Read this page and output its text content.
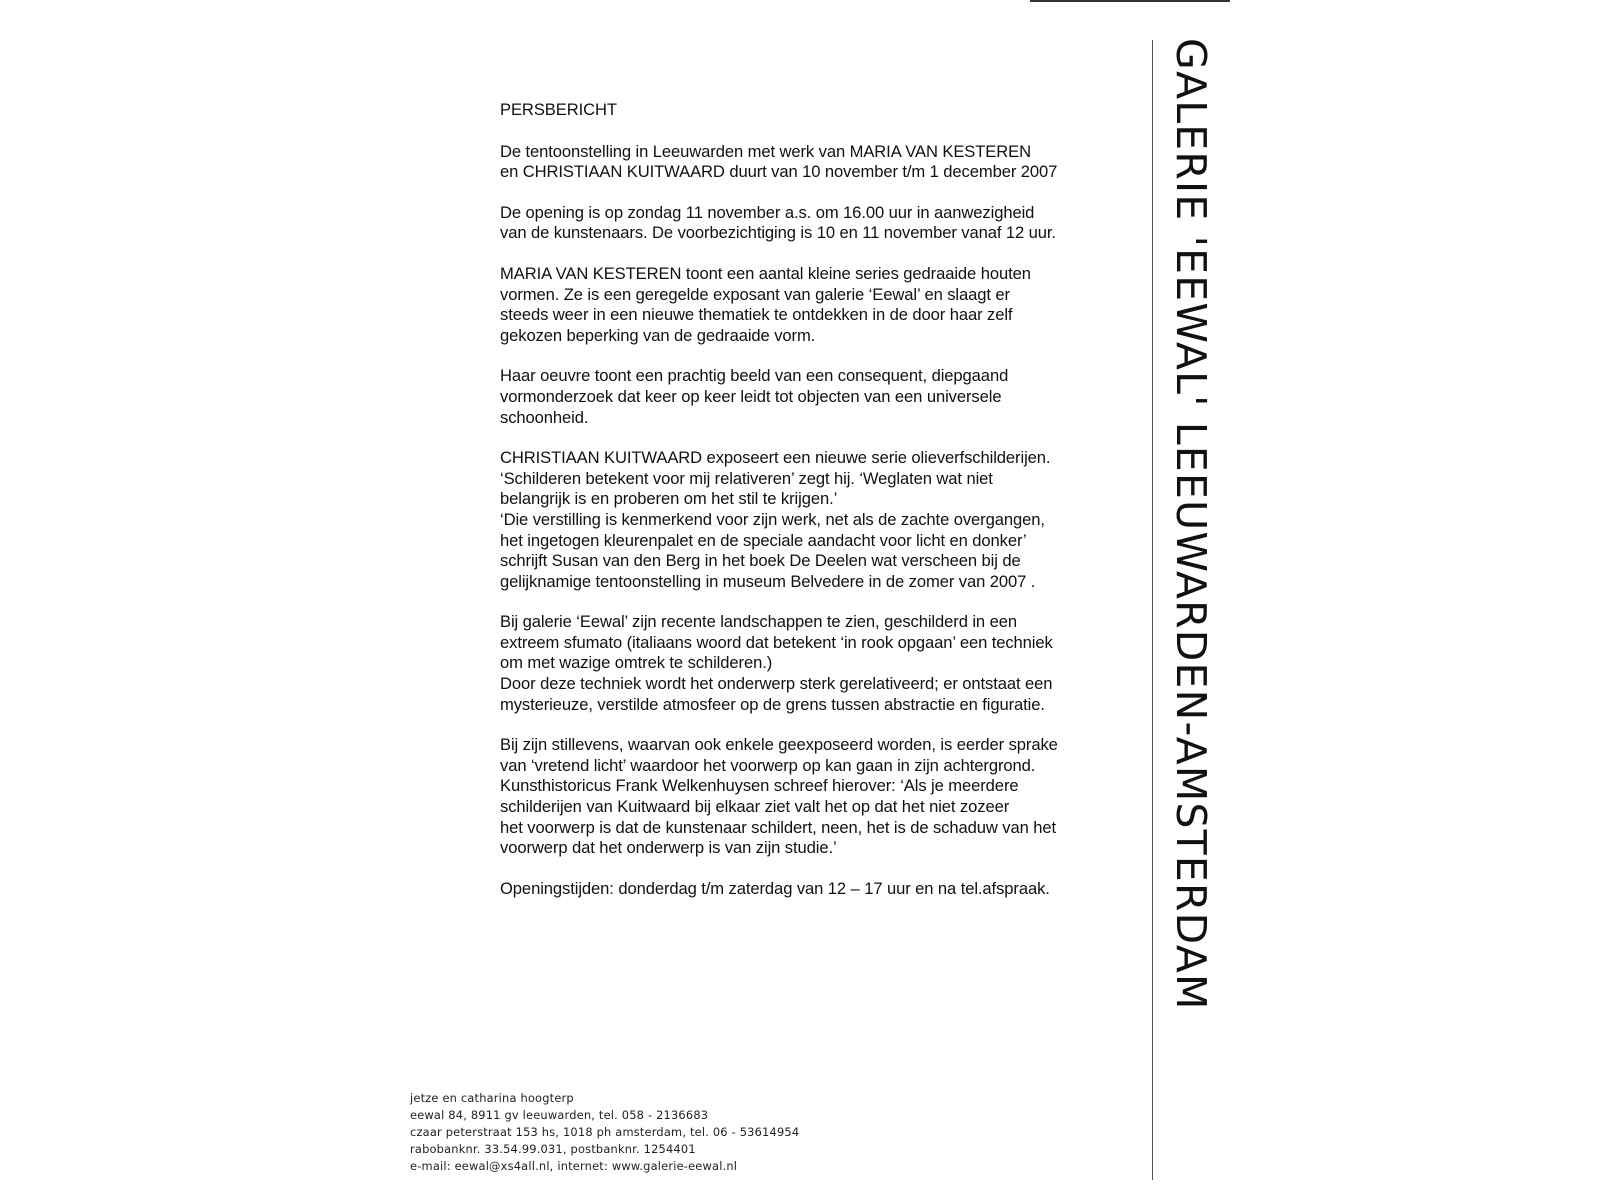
PERSBERICHT
De tentoonstelling in Leeuwarden met werk van MARIA VAN KESTEREN
en CHRISTIAAN KUITWAARD duurt van 10 november t/m 1 december 2007
De opening is op zondag 11 november a.s. om 16.00 uur in aanwezigheid
van de kunstenaars. De voorbezichtiging is 10 en 11 november vanaf 12 uur.
MARIA VAN KESTEREN toont een aantal kleine series gedraaide houten
vormen. Ze is een geregelde exposant van galerie ‘Eewal’ en slaagt er
steeds weer in een nieuwe thematiek te ontdekken in de door haar zelf
gekozen beperking van de gedraaide vorm.
Haar oeuvre toont een prachtig beeld van een consequent, diepgaand
vormonderzoek dat keer op keer leidt tot objecten van een universele
schoonheid.
CHRISTIAAN KUITWAARD exposeert een nieuwe serie olieverfschilderijen.
‘Schilderen betekent voor mij relativeren’ zegt hij. ‘Weglaten wat niet
belangrijk is en proberen om het stil te krijgen.’
‘Die verstilling is kenmerkend voor zijn werk, net als de zachte overgangen,
het ingetogen kleurenpalet en de speciale aandacht voor licht en donker’
schrijft Susan van den Berg in het boek De Deelen wat verscheen bij de
gelijknamige tentoonstelling in museum Belvedere in de zomer van 2007 .
Bij galerie ‘Eewal’ zijn recente landschappen te zien, geschilderd in een
extreem sfumato (italiaans woord dat betekent ‘in rook opgaan’ een techniek
om met wazige omtrek te schilderen.)
Door deze techniek wordt het onderwerp sterk gerelativeerd; er ontstaat een
mysterieuze, verstilde atmosfeer op de grens tussen abstractie en figuratie.
Bij zijn stillevens, waarvan ook enkele geexposeerd worden, is eerder sprake
van ‘vretend licht’ waardoor het voorwerp op kan gaan in zijn achtergrond.
Kunsthistoricus Frank Welkenhuysen schreef hierover: ‘Als je meerdere
schilderijen van Kuitwaard bij elkaar ziet valt het op dat het niet zozeer
het voorwerp is dat de kunstenaar schildert, neen, het is de schaduw van het
voorwerp dat het onderwerp is van zijn studie.’
Openingstijden: donderdag t/m zaterdag van 12 – 17 uur en na tel.afspraak.
jetze en catharina hoogterp
eewal 84, 8911 gv leeuwarden, tel. 058 - 2136683
czaar peterstraat 153 hs, 1018 ph amsterdam, tel. 06 - 53614954
rabobanknr. 33.54.99.031, postbanknr. 1254401
e-mail: eewal@xs4all.nl, internet: www.galerie-eewal.nl
GALERIE 'EEWAL' LEEUWARDEN-AMSTERDAM
